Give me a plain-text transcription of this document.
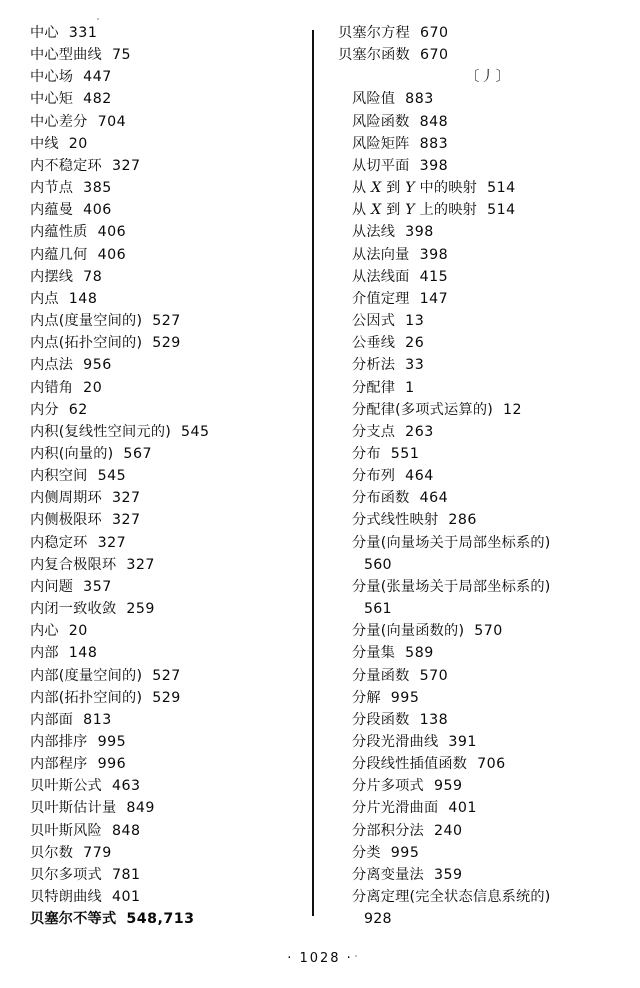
中心 331
中心型曲线 75
中心场 447
中心矩 482
中心差分 704
中线 20
内不稳定环 327
内节点 385
内蕴曼 406
内蕴性质 406
内蕴几何 406
内摆线 78
内点 148
内点(度量空间的) 527
内点(拓扑空间的) 529
内点法 956
内错角 20
内分 62
内积(复线性空间元的) 545
内积(向量的) 567
内积空间 545
内侧周期环 327
内侧极限环 327
内稳定环 327
内复合极限环 327
内问题 357
内闭一致收敛 259
内心 20
内部 148
内部(度量空间的) 527
内部(拓扑空间的) 529
内部面 813
内部排序 995
内部程序 996
贝叶斯公式 463
贝叶斯估计量 849
贝叶斯风险 848
贝尔数 779
贝尔多项式 781
贝特朗曲线 401
贝塞尔不等式 548,713
贝塞尔方程 670
贝塞尔函数 670
〔丿〕
风险值 883
风险函数 848
风险矩阵 883
从切平面 398
从 X 到 Y 中的映射 514
从 X 到 Y 上的映射 514
从法线 398
从法向量 398
从法线面 415
介值定理 147
公因式 13
公垂线 26
分析法 33
分配律 1
分配律(多项式运算的) 12
分支点 263
分布 551
分布列 464
分布函数 464
分式线性映射 286
分量(向量场关于局部坐标系的)
560
分量(张量场关于局部坐标系的)
561
分量(向量函数的) 570
分量集 589
分量函数 570
分解 995
分段函数 138
分段光滑曲线 391
分段线性插值函数 706
分片多项式 959
分片光滑曲面 401
分部积分法 240
分类 995
分离变量法 359
分离定理(完全状态信息系统的)
928
· 1028 ·
